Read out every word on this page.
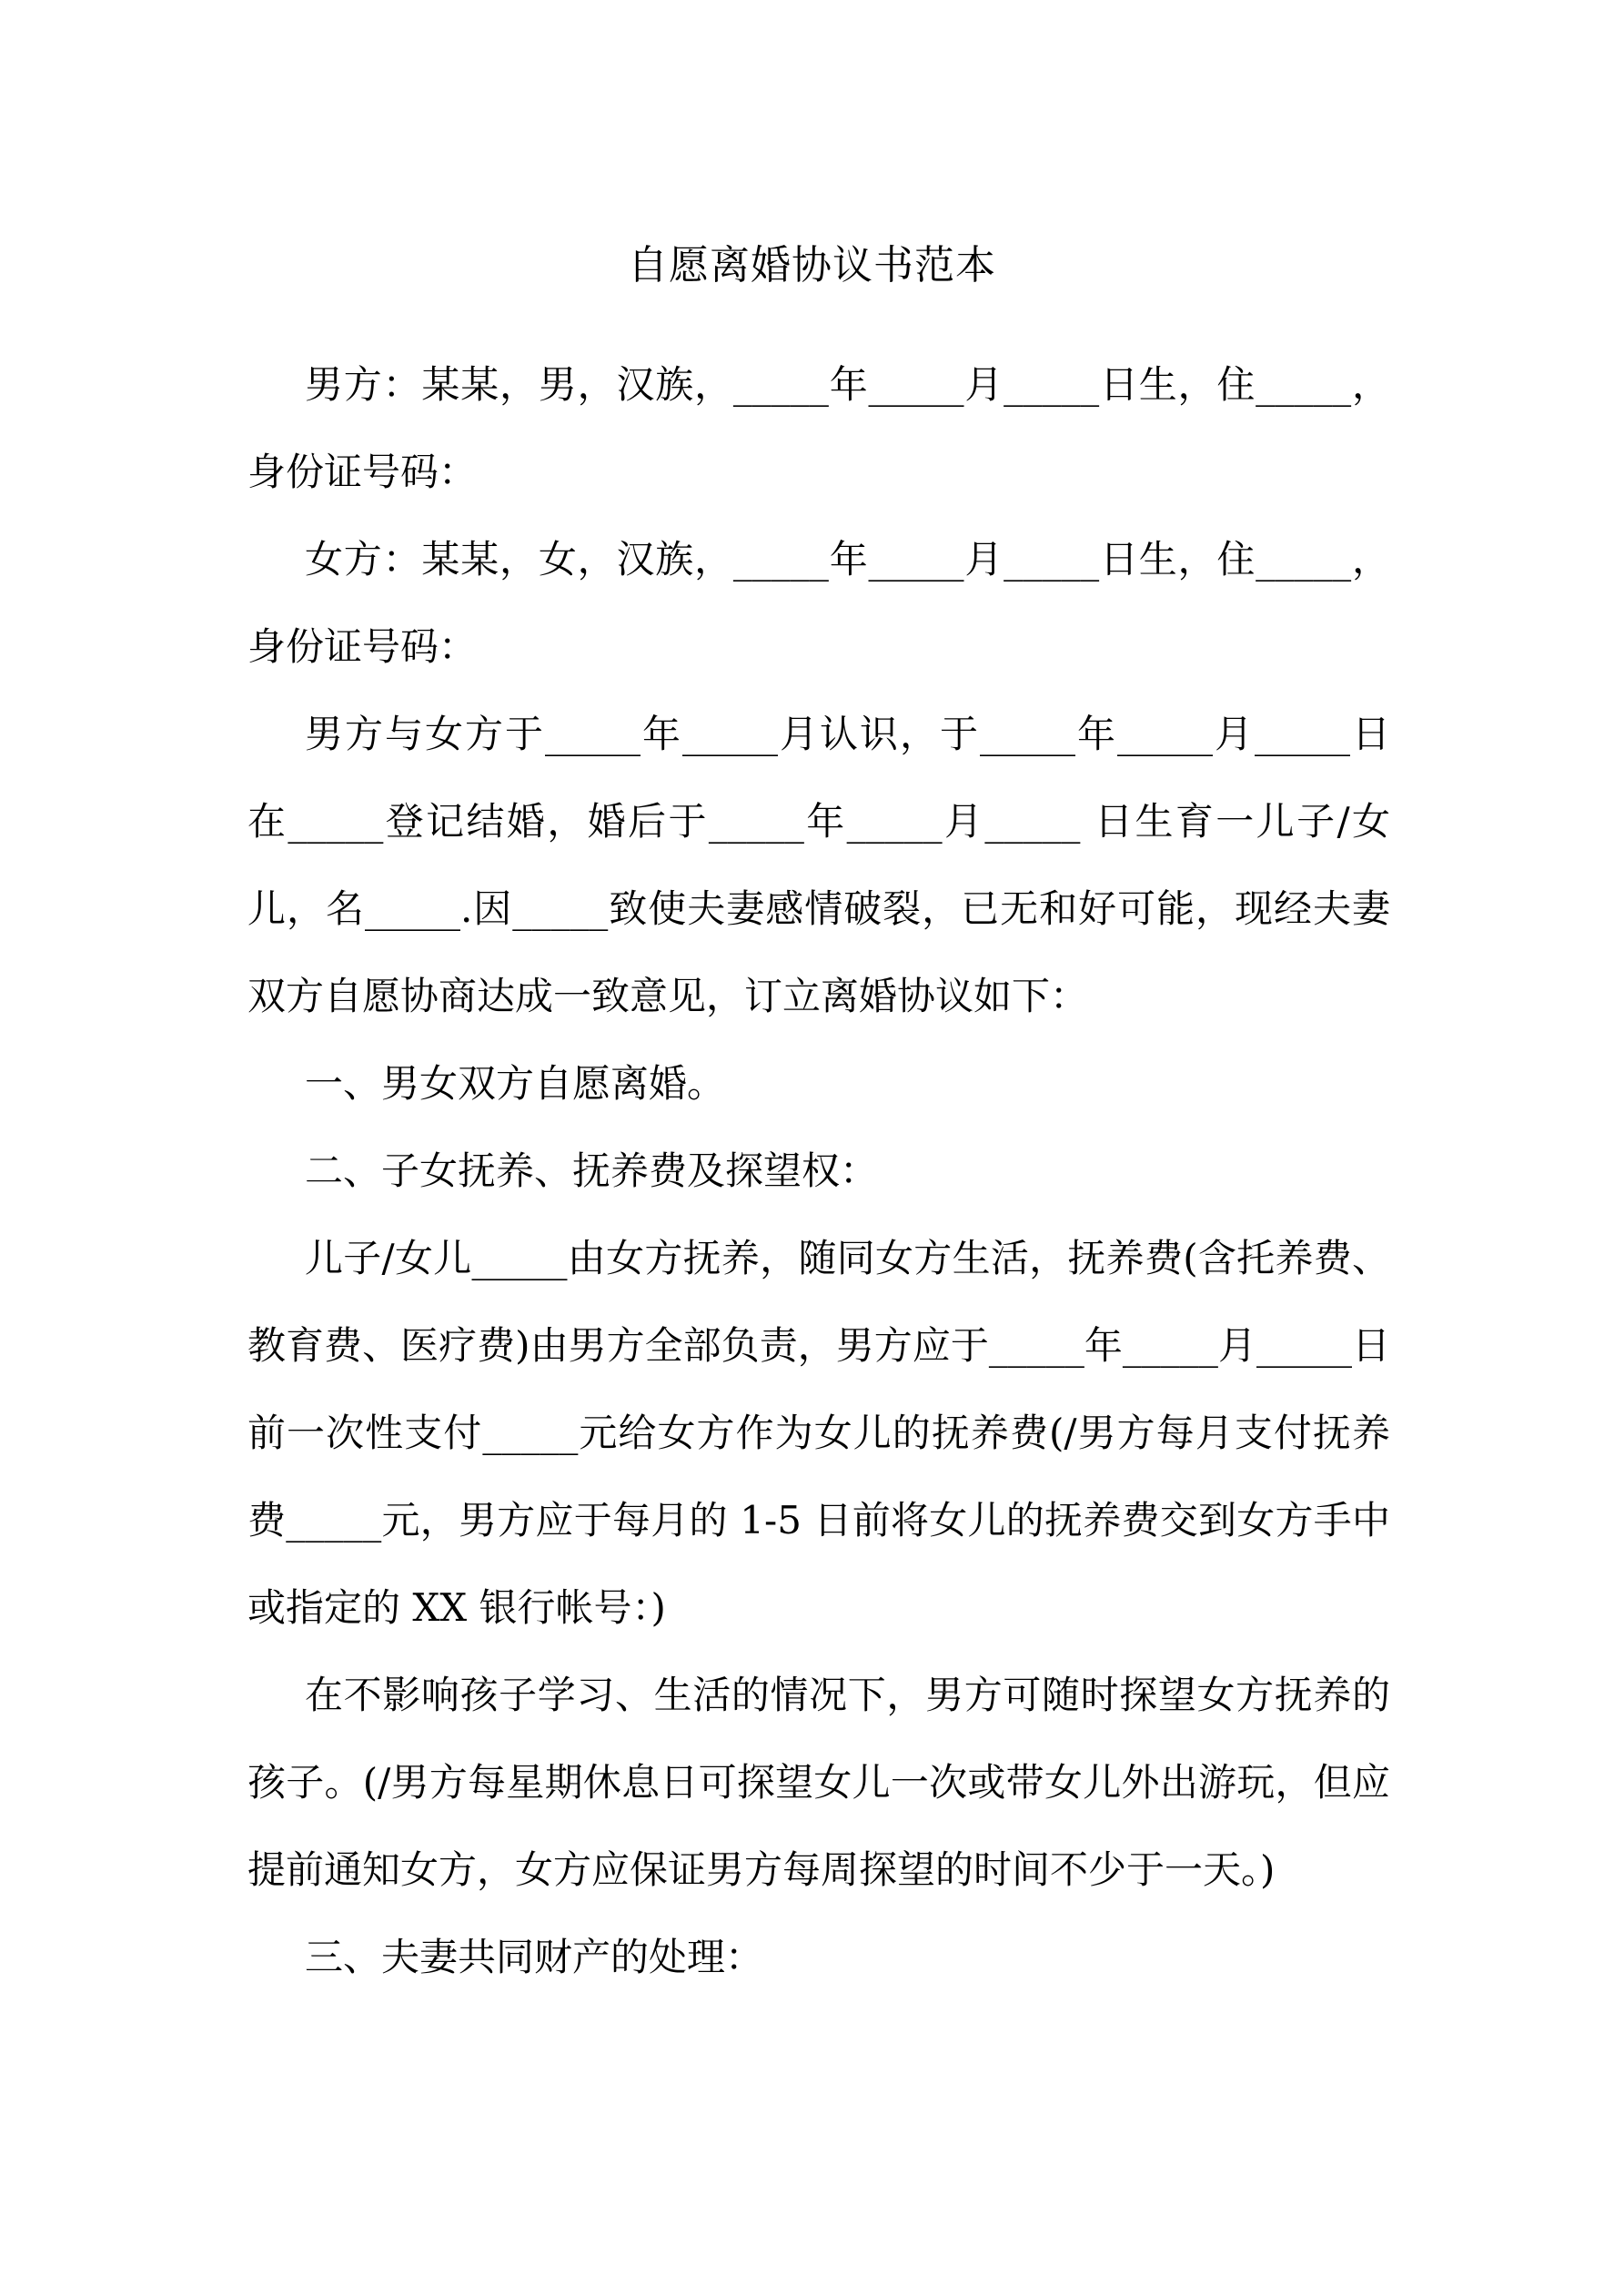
自愿离婚协议书范本

男方：某某，男，汉族，_____年_____月_____日生，住_____，身份证号码：

女方：某某，女，汉族，_____年_____月_____日生，住_____，身份证号码：

男方与女方于_____年_____月认识，于_____年_____月_____日在_____登记结婚，婚后于_____年_____月_____ 日生育一儿子/女儿，名_____.因_____致使夫妻感情破裂，已无和好可能，现经夫妻双方自愿协商达成一致意见，订立离婚协议如下：

一、男女双方自愿离婚。

二、子女抚养、抚养费及探望权：

儿子/女儿_____由女方抚养，随同女方生活，抚养费(含托养费、教育费、医疗费)由男方全部负责，男方应于_____年_____月_____日前一次性支付_____元给女方作为女儿的抚养费(/男方每月支付抚养费_____元，男方应于每月的 1-5 日前将女儿的抚养费交到女方手中或指定的 XX 银行帐号：)

在不影响孩子学习、生活的情况下，男方可随时探望女方抚养的孩子。(/男方每星期休息日可探望女儿一次或带女儿外出游玩，但应提前通知女方，女方应保证男方每周探望的时间不少于一天。)

三、夫妻共同财产的处理：
